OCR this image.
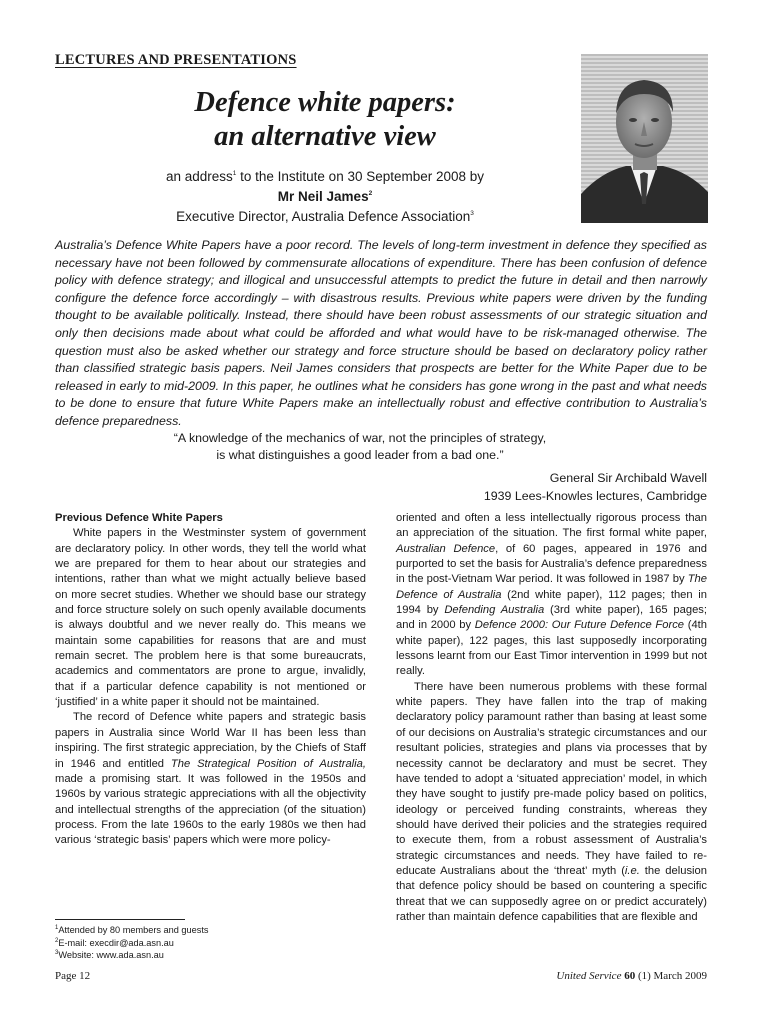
LECTURES AND PRESENTATIONS
Defence white papers:
an alternative view
an address$^1$ to the Institute on 30 September 2008 by
Mr Neil James$^2$
Executive Director, Australia Defence Association$^3$
Australia’s Defence White Papers have a poor record. The levels of long-term investment in defence they specified as necessary have not been followed by commensurate allocations of expenditure. There has been confusion of defence policy with defence strategy; and illogical and unsuccessful attempts to predict the future in detail and then narrowly configure the defence force accordingly – with disastrous results. Previous white papers were driven by the funding thought to be available politically. Instead, there should have been robust assessments of our strategic situation and only then decisions made about what could be afforded and what would have to be risk-managed otherwise. The question must also be asked whether our strategy and force structure should be based on declaratory policy rather than classified strategic basis papers. Neil James considers that prospects are better for the White Paper due to be released in early to mid-2009. In this paper, he outlines what he considers has gone wrong in the past and what needs to be done to ensure that future White Papers make an intellectually robust and effective contribution to Australia’s defence preparedness.
“A knowledge of the mechanics of war, not the principles of strategy,
is what distinguishes a good leader from a bad one.”
General Sir Archibald Wavell
1939 Lees-Knowles lectures, Cambridge

Previous Defence White Papers

White papers in the Westminster system of government are declaratory policy. In other words, they tell the world what we are prepared for them to hear about our strategies and intentions, rather than what we might actually believe based on more secret studies. Whether we should base our strategy and force structure solely on such openly available documents is always doubtful and we never really do. This means we maintain some capabilities for reasons that are and must remain secret. The problem here is that some bureaucrats, academics and commentators are prone to argue, invalidly, that if a particular defence capability is not mentioned or ‘justified’ in a white paper it should not be maintained.

The record of Defence white papers and strategic basis papers in Australia since World War II has been less than inspiring. The first strategic appreciation, by the Chiefs of Staff in 1946 and entitled The Strategical Position of Australia, made a promising start. It was followed in the 1950s and 1960s by various strategic appreciations with all the objectivity and intellectual strengths of the appreciation (of the situation) process. From the late 1960s to the early 1980s we then had various ‘strategic basis’ papers which were more policy-

oriented and often a less intellectually rigorous process than an appreciation of the situation. The first formal white paper, Australian Defence, of 60 pages, appeared in 1976 and purported to set the basis for Australia’s defence preparedness in the post-Vietnam War period. It was followed in 1987 by The Defence of Australia (2nd white paper), 112 pages; then in 1994 by Defending Australia (3rd white paper), 165 pages; and in 2000 by Defence 2000: Our Future Defence Force (4th white paper), 122 pages, this last supposedly incorporating lessons learnt from our East Timor intervention in 1999 but not really.

There have been numerous problems with these formal white papers. They have fallen into the trap of making declaratory policy paramount rather than basing at least some of our decisions on Australia’s strategic circumstances and our resultant policies, strategies and plans via processes that by necessity cannot be declaratory and must be secret. They have tended to adopt a ‘situated appreciation’ model, in which they have sought to justify pre-made policy based on politics, ideology or perceived funding constraints, whereas they should have derived their policies and the strategies required to execute them, from a robust assessment of Australia’s strategic circumstances and needs. They have failed to re-educate Australians about the ‘threat’ myth (i.e. the delusion that defence policy should be based on countering a specific threat that we can supposedly agree on or predict accurately) rather than maintain defence capabilities that are flexible and

$^1$Attended by 80 members and guests
$^2$E-mail: execdir@ada.asn.au
$^3$Website: www.ada.asn.au
Page 12	United Service 60 (1) March 2009
